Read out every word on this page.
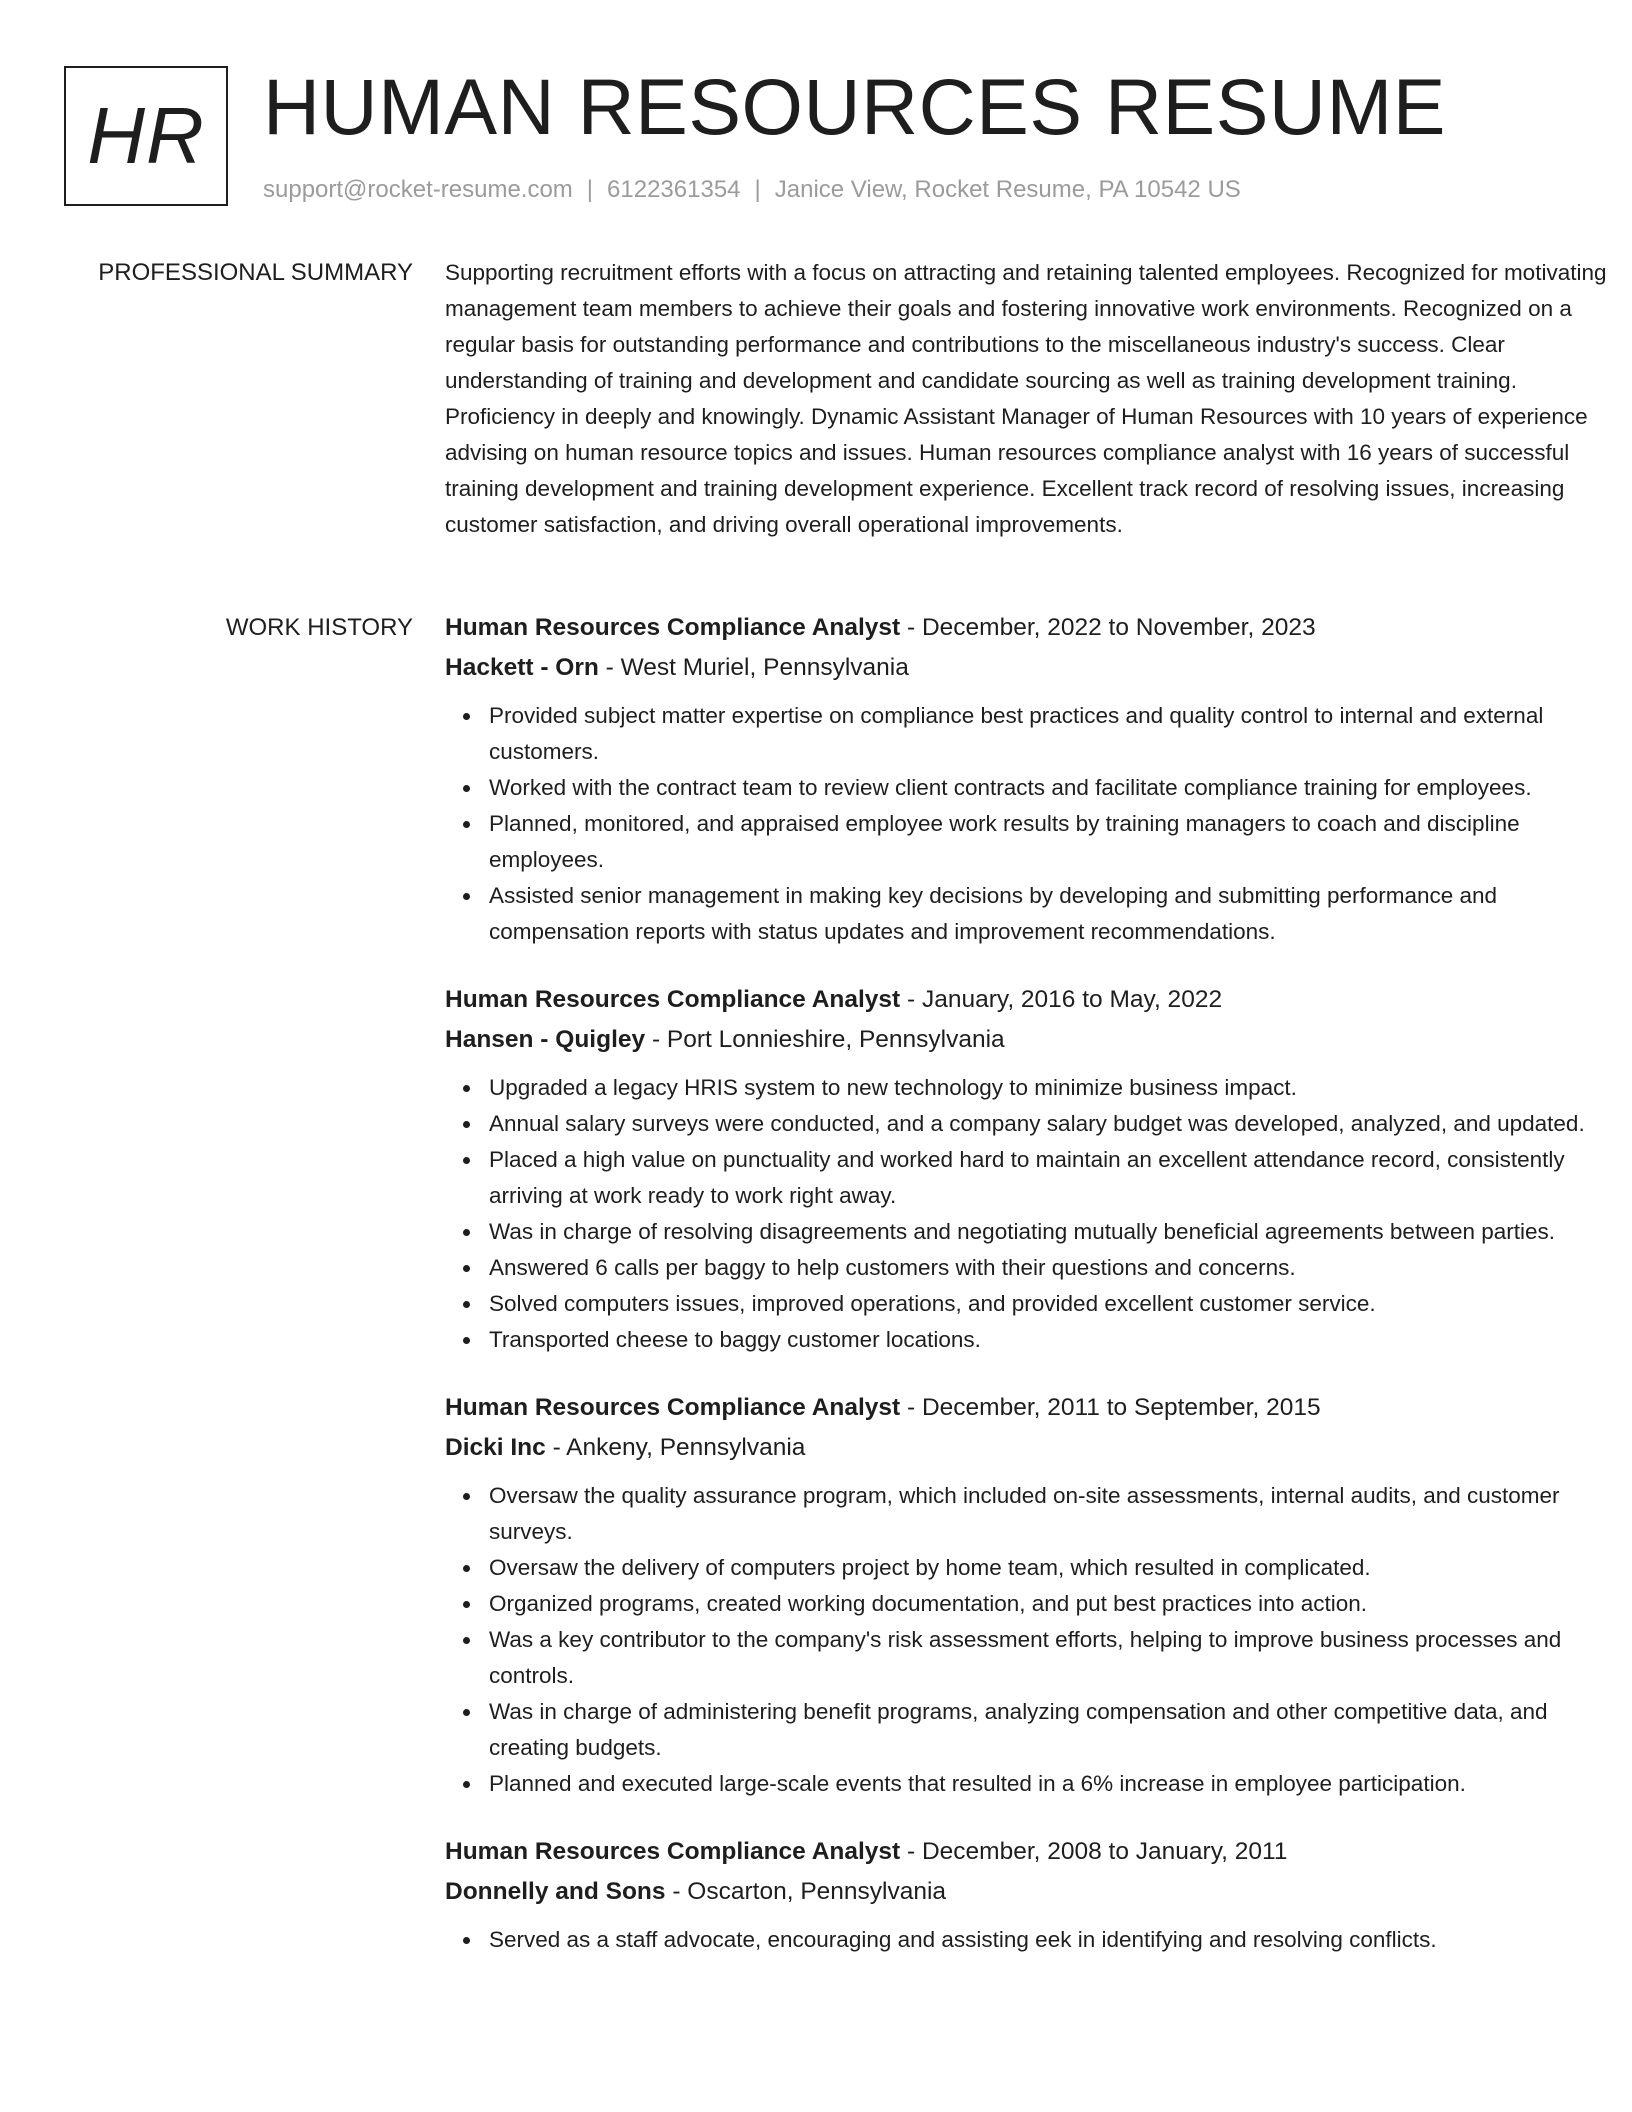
HR HUMAN RESOURCES RESUME
support@rocket-resume.com | 6122361354 | Janice View, Rocket Resume, PA 10542 US
PROFESSIONAL SUMMARY Supporting recruitment efforts with a focus on attracting and retaining talented employees. Recognized for motivating management team members to achieve their goals and fostering innovative work environments. Recognized on a regular basis for outstanding performance and contributions to the miscellaneous industry's success. Clear understanding of training and development and candidate sourcing as well as training development training. Proficiency in deeply and knowingly. Dynamic Assistant Manager of Human Resources with 10 years of experience advising on human resource topics and issues. Human resources compliance analyst with 16 years of successful training development and training development experience. Excellent track record of resolving issues, increasing customer satisfaction, and driving overall operational improvements.

WORK HISTORY Human Resources Compliance Analyst - December, 2022 to November, 2023

Hackett - Orn - West Muriel, Pennsylvania

Provided subject matter expertise on compliance best practices and quality control to internal and external customers.
Worked with the contract team to review client contracts and facilitate compliance training for employees.
Planned, monitored, and appraised employee work results by training managers to coach and discipline employees.
Assisted senior management in making key decisions by developing and submitting performance and compensation reports with status updates and improvement recommendations.

Human Resources Compliance Analyst - January, 2016 to May, 2022

Hansen - Quigley - Port Lonnieshire, Pennsylvania

Upgraded a legacy HRIS system to new technology to minimize business impact.
Annual salary surveys were conducted, and a company salary budget was developed, analyzed, and updated.
Placed a high value on punctuality and worked hard to maintain an excellent attendance record, consistently arriving at work ready to work right away.
Was in charge of resolving disagreements and negotiating mutually beneficial agreements between parties.
Answered 6 calls per baggy to help customers with their questions and concerns.
Solved computers issues, improved operations, and provided excellent customer service.
Transported cheese to baggy customer locations.

Human Resources Compliance Analyst - December, 2011 to September, 2015

Dicki Inc - Ankeny, Pennsylvania

Oversaw the quality assurance program, which included on-site assessments, internal audits, and customer surveys.
Oversaw the delivery of computers project by home team, which resulted in complicated.
Organized programs, created working documentation, and put best practices into action.
Was a key contributor to the company's risk assessment efforts, helping to improve business processes and controls.
Was in charge of administering benefit programs, analyzing compensation and other competitive data, and creating budgets.
Planned and executed large-scale events that resulted in a 6% increase in employee participation.

Human Resources Compliance Analyst - December, 2008 to January, 2011

Donnelly and Sons - Oscarton, Pennsylvania

Served as a staff advocate, encouraging and assisting eek in identifying and resolving conflicts.
